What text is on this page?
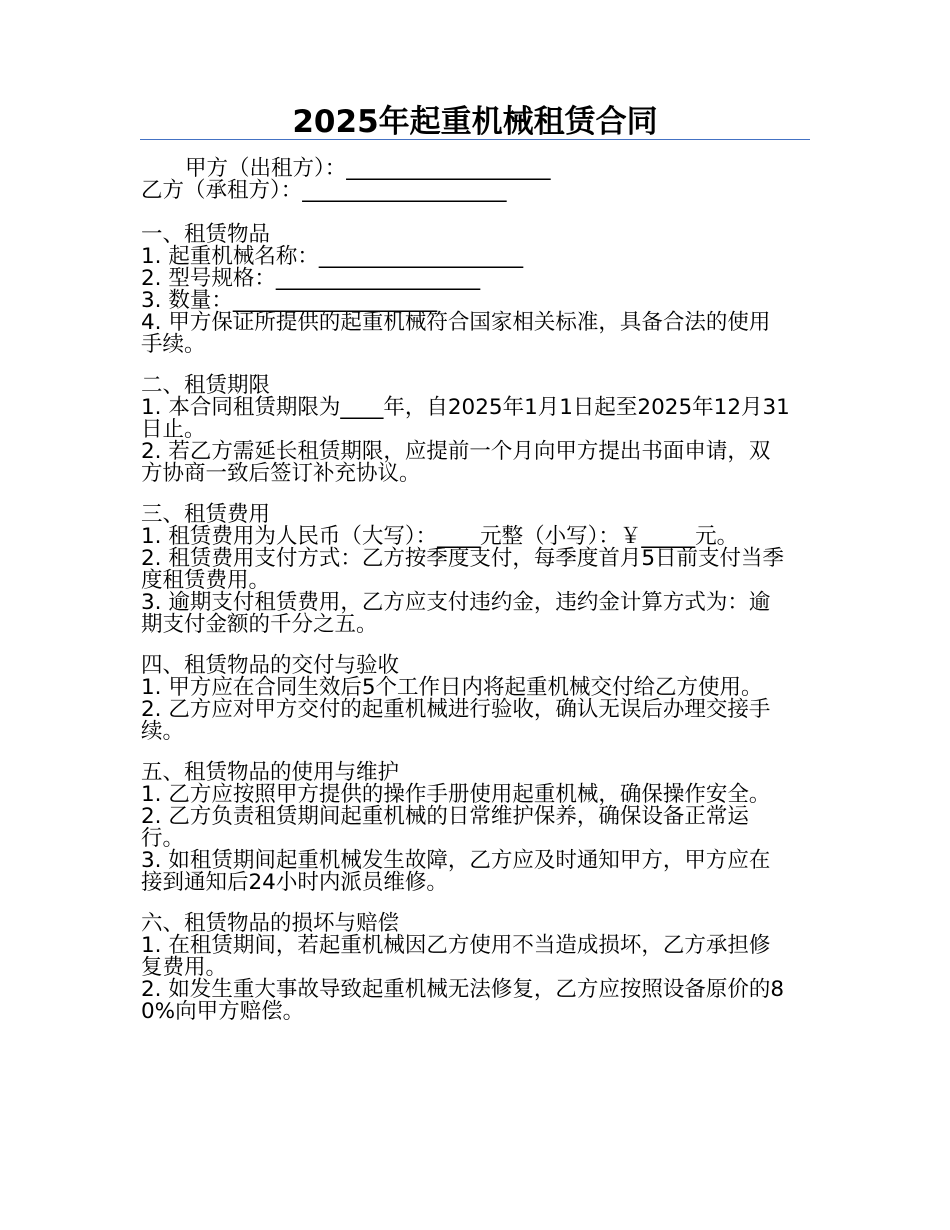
2025年起重机械租赁合同
甲方（出租方）：___________________
乙方（承租方）：___________________
一、租赁物品
1. 起重机械名称：___________________
2. 型号规格：___________________
3. 数量：___________________
4. 甲方保证所提供的起重机械符合国家相关标准，具备合法的使用手续。
二、租赁期限
1. 本合同租赁期限为____年，自2025年1月1日起至2025年12月31日止。
2. 若乙方需延长租赁期限，应提前一个月向甲方提出书面申请，双方协商一致后签订补充协议。
三、租赁费用
1. 租赁费用为人民币（大写）：____元整（小写）：￥_____元。
2. 租赁费用支付方式：乙方按季度支付，每季度首月5日前支付当季度租赁费用。
3. 逾期支付租赁费用，乙方应支付违约金，违约金计算方式为：逾期支付金额的千分之五。
四、租赁物品的交付与验收
1. 甲方应在合同生效后5个工作日内将起重机械交付给乙方使用。
2. 乙方应对甲方交付的起重机械进行验收，确认无误后办理交接手续。
五、租赁物品的使用与维护
1. 乙方应按照甲方提供的操作手册使用起重机械，确保操作安全。
2. 乙方负责租赁期间起重机械的日常维护保养，确保设备正常运行。
3. 如租赁期间起重机械发生故障，乙方应及时通知甲方，甲方应在接到通知后24小时内派员维修。
六、租赁物品的损坏与赔偿
1. 在租赁期间，若起重机械因乙方使用不当造成损坏，乙方承担修复费用。
2. 如发生重大事故导致起重机械无法修复，乙方应按照设备原价的80%向甲方赔偿。
